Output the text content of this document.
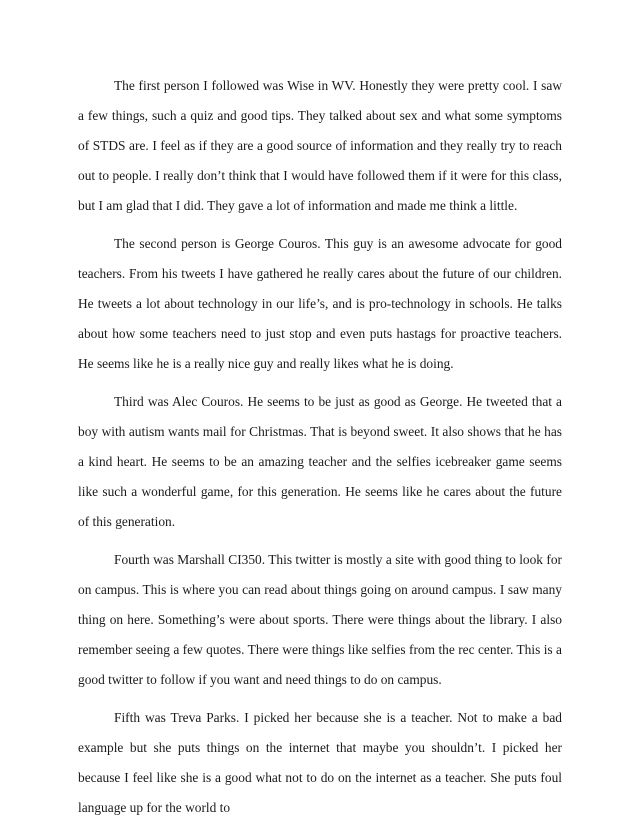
The first person I followed was Wise in WV. Honestly they were pretty cool. I saw a few things, such a quiz and good tips. They talked about sex and what some symptoms of STDS are. I feel as if they are a good source of information and they really try to reach out to people. I really don’t think that I would have followed them if it were for this class, but I am glad that I did. They gave a lot of information and made me think a little.

The second person is George Couros. This guy is an awesome advocate for good teachers. From his tweets I have gathered he really cares about the future of our children. He tweets a lot about technology in our life’s, and is pro-technology in schools. He talks about how some teachers need to just stop and even puts hastags for proactive teachers. He seems like he is a really nice guy and really likes what he is doing.

Third was Alec Couros. He seems to be just as good as George. He tweeted that a boy with autism wants mail for Christmas. That is beyond sweet. It also shows that he has a kind heart. He seems to be an amazing teacher and the selfies icebreaker game seems like such a wonderful game, for this generation. He seems like he cares about the future of this generation.

Fourth was Marshall CI350. This twitter is mostly a site with good thing to look for on campus. This is where you can read about things going on around campus. I saw many thing on here. Something’s were about sports. There were things about the library. I also remember seeing a few quotes. There were things like selfies from the rec center. This is a good twitter to follow if you want and need things to do on campus.

Fifth was Treva Parks. I picked her because she is a teacher. Not to make a bad example but she puts things on the internet that maybe you shouldn’t. I picked her because I feel like she is a good what not to do on the internet as a teacher. She puts foul language up for the world to
